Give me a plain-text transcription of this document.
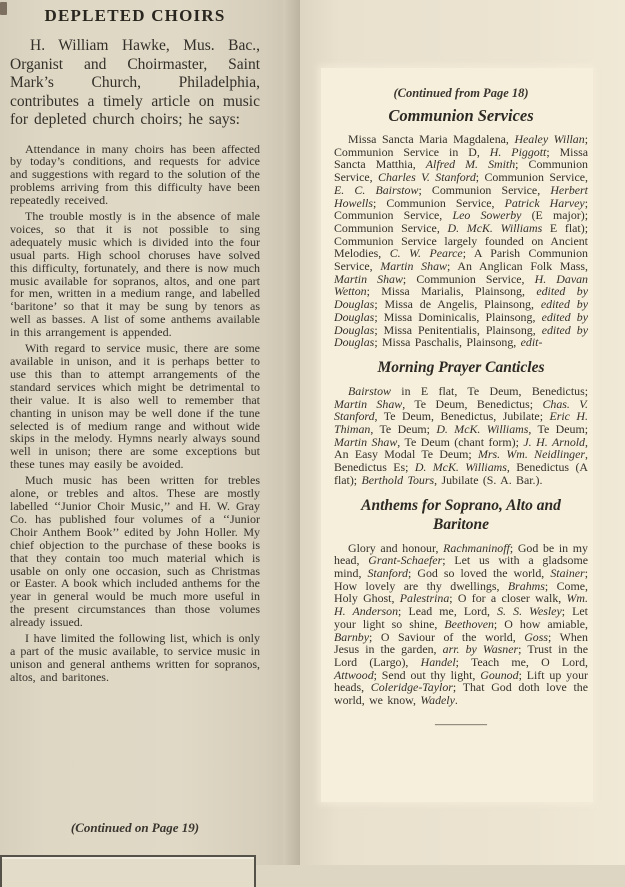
DEPLETED CHOIRS

H. William Hawke, Mus. Bac., Organist and Choirmaster, Saint Mark’s Church, Philadelphia, contributes a timely article on music for depleted church choirs; he says:

Attendance in many choirs has been affected by today’s conditions, and requests for advice and suggestions with regard to the solution of the problems arriving from this difficulty have been repeatedly received.

The trouble mostly is in the absence of male voices, so that it is not possible to sing adequately music which is divided into the four usual parts. High school choruses have solved this difficulty, fortunately, and there is now much music available for sopranos, altos, and one part for men, written in a medium range, and labelled ‘baritone’ so that it may be sung by tenors as well as basses. A list of some anthems available in this arrangement is appended.

With regard to service music, there are some available in unison, and it is perhaps better to use this than to attempt arrangements of the standard services which might be detrimental to their value. It is also well to remember that chanting in unison may be well done if the tune selected is of medium range and without wide skips in the melody. Hymns nearly always sound well in unison; there are some exceptions but these tunes may easily be avoided.

Much music has been written for trebles alone, or trebles and altos. These are mostly labelled ‘‘Junior Choir Music,’’ and H. W. Gray Co. has published four volumes of a ‘‘Junior Choir Anthem Book’’ edited by John Holler. My chief objection to the purchase of these books is that they contain too much material which is usable on only one occasion, such as Christmas or Easter. A book which included anthems for the year in general would be much more useful in the present circumstances than those volumes already issued.

I have limited the following list, which is only a part of the music available, to service music in unison and general anthems written for sopranos, altos, and baritones.

(Continued on Page 19)
(Continued from Page 18)
Communion Services

Missa Sancta Maria Magdalena, Healey Willan; Communion Service in D, H. Piggott; Missa Sancta Matthia, Alfred M. Smith; Communion Service, Charles V. Stanford; Communion Service, E. C. Bairstow; Communion Service, Herbert Howells; Communion Service, Patrick Harvey; Communion Service, Leo Sowerby (E major); Communion Service, D. McK. Williams E flat); Communion Service largely founded on Ancient Melodies, C. W. Pearce; A Parish Communion Service, Martin Shaw; An Anglican Folk Mass, Martin Shaw; Communion Service, H. Davan Wetton; Missa Marialis, Plainsong, edited by Douglas; Missa de Angelis, Plainsong, edited by Douglas; Missa Dominicalis, Plainsong, edited by Douglas; Missa Penitentialis, Plainsong, edited by Douglas; Missa Paschalis, Plainsong, edit-

Morning Prayer Canticles

Bairstow in E flat, Te Deum, Benedictus; Martin Shaw, Te Deum, Benedictus; Chas. V. Stanford, Te Deum, Benedictus, Jubilate; Eric H. Thiman, Te Deum; D. McK. Williams, Te Deum; Martin Shaw, Te Deum (chant form); J. H. Arnold, An Easy Modal Te Deum; Mrs. Wm. Neidlinger, Benedictus Es; D. McK. Williams, Benedictus (A flat); Berthold Tours, Jubilate (S. A. Bar.).

Anthems for Soprano, Alto and Baritone

Glory and honour, Rachmaninoff; God be in my head, Grant-Schaefer; Let us with a gladsome mind, Stanford; God so loved the world, Stainer; How lovely are thy dwellings, Brahms; Come, Holy Ghost, Palestrina; O for a closer walk, Wm. H. Anderson; Lead me, Lord, S. S. Wesley; Let your light so shine, Beethoven; O how amiable, Barnby; O Saviour of the world, Goss; When Jesus in the garden, arr. by Wasner; Trust in the Lord (Largo), Handel; Teach me, O Lord, Attwood; Send out thy light, Gounod; Lift up your heads, Coleridge-Taylor; That God doth love the world, we know, Wadely.

————
